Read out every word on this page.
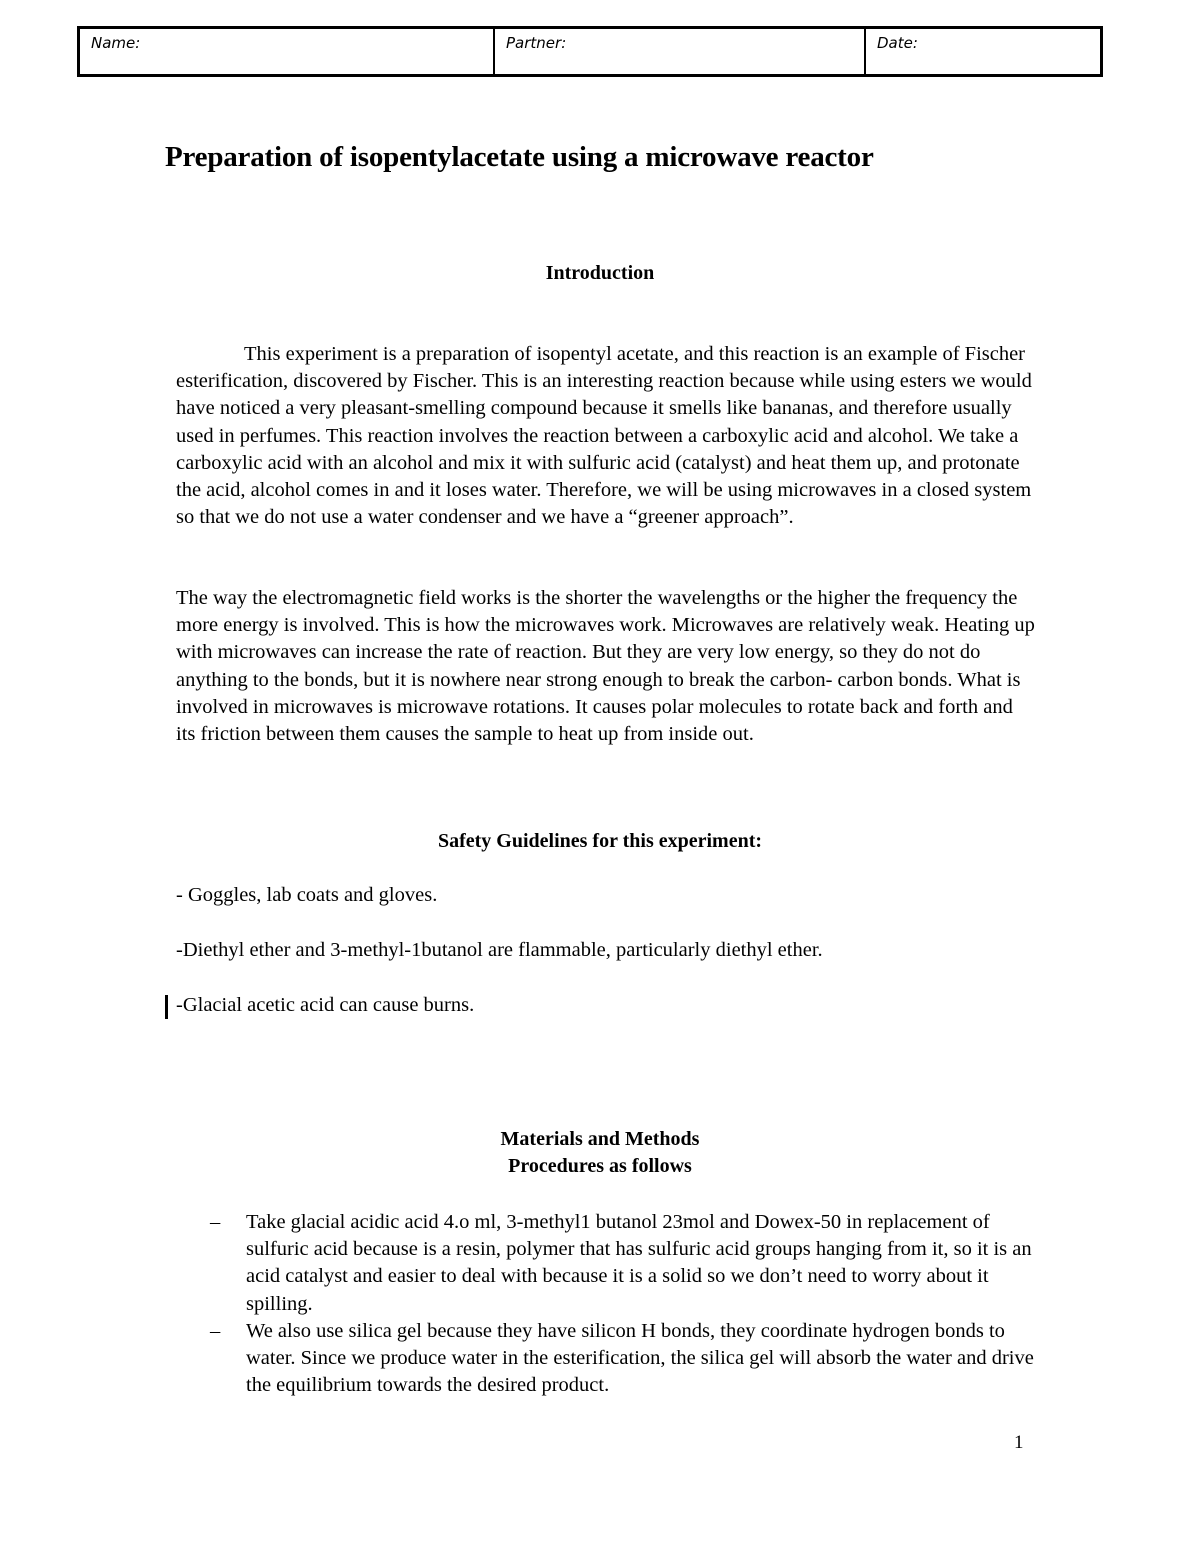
Name:	Partner:	Date:
Preparation of isopentylacetate using a microwave reactor
Introduction

This experiment is a preparation of isopentyl acetate, and this reaction is an example of Fischer esterification, discovered by Fischer. This is an interesting reaction because while using esters we would have noticed a very pleasant-smelling compound because it smells like bananas, and therefore usually used in perfumes. This reaction involves the reaction between a carboxylic acid and alcohol. We take a carboxylic acid with an alcohol and mix it with sulfuric acid (catalyst) and heat them up, and protonate the acid, alcohol comes in and it loses water. Therefore, we will be using microwaves in a closed system so that we do not use a water condenser and we have a “greener approach”.

The way the electromagnetic field works is the shorter the wavelengths or the higher the frequency the more energy is involved. This is how the microwaves work. Microwaves are relatively weak. Heating up with microwaves can increase the rate of reaction. But they are very low energy, so they do not do anything to the bonds, but it is nowhere near strong enough to break the carbon- carbon bonds. What is involved in microwaves is microwave rotations. It causes polar molecules to rotate back and forth and its friction between them causes the sample to heat up from inside out.

Safety Guidelines for this experiment:

- Goggles, lab coats and gloves.

-Diethyl ether and 3-methyl-1butanol are flammable, particularly diethyl ether.

-Glacial acetic acid can cause burns.

Materials and Methods
Procedures as follows
– Take glacial acidic acid 4.o ml, 3-methyl1 butanol 23mol and Dowex-50 in replacement of sulfuric acid because is a resin, polymer that has sulfuric acid groups hanging from it, so it is an acid catalyst and easier to deal with because it is a solid so we don’t need to worry about it spilling.
– We also use silica gel because they have silicon H bonds, they coordinate hydrogen bonds to water. Since we produce water in the esterification, the silica gel will absorb the water and drive the equilibrium towards the desired product.
1
